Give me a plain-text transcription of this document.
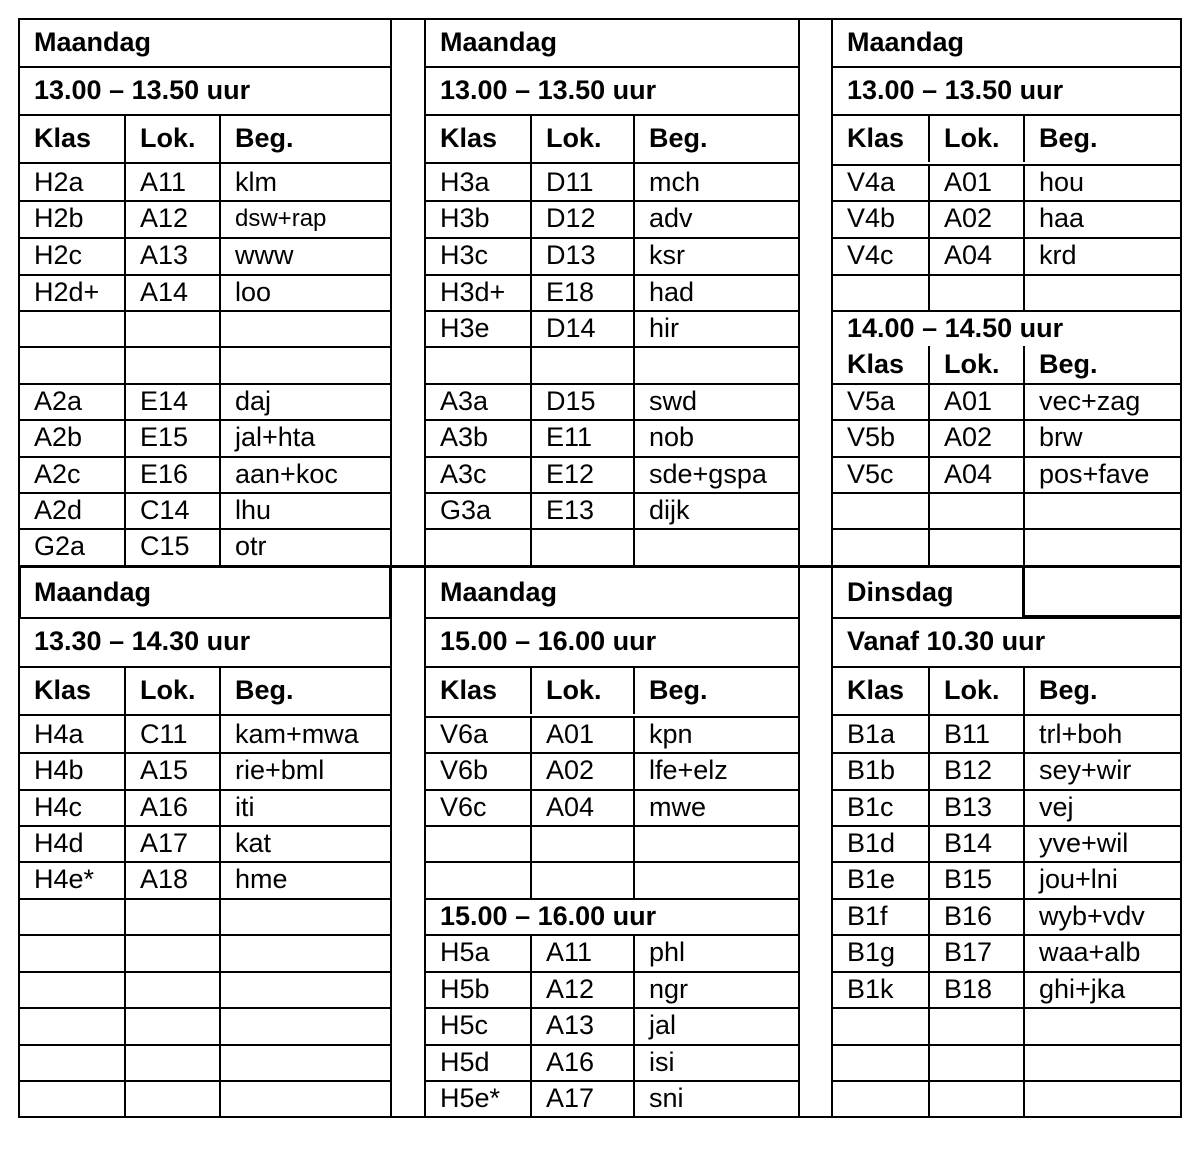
Maandag
13.00 – 13.50 uur
Klas	Lok.	Beg.
H2a	A11	klm
H2b	A12	dsw+rap
H2c	A13	www
H2d+	A14	loo
A2a	E14	daj
A2b	E15	jal+hta
A2c	E16	aan+koc
A2d	C14	lhu
G2a	C15	otr
Maandag
13.00 – 13.50 uur
Klas	Lok.	Beg.
H3a	D11	mch
H3b	D12	adv
H3c	D13	ksr
H3d+	E18	had
H3e	D14	hir
A3a	D15	swd
A3b	E11	nob
A3c	E12	sde+gspa
G3a	E13	dijk
Maandag
13.00 – 13.50 uur
Klas	Lok.	Beg.
V4a	A01	hou
V4b	A02	haa
V4c	A04	krd
14.00 – 14.50 uur
Klas	Lok.	Beg.
V5a	A01	vec+zag
V5b	A02	brw
V5c	A04	pos+fave
Maandag
13.30 – 14.30 uur
Klas	Lok.	Beg.
H4a	C11	kam+mwa
H4b	A15	rie+bml
H4c	A16	iti
H4d	A17	kat
H4e*	A18	hme
Maandag
15.00 – 16.00 uur
Klas	Lok.	Beg.
V6a	A01	kpn
V6b	A02	lfe+elz
V6c	A04	mwe
15.00 – 16.00 uur
H5a	A11	phl
H5b	A12	ngr
H5c	A13	jal
H5d	A16	isi
H5e*	A17	sni
Dinsdag
Vanaf 10.30 uur
Klas	Lok.	Beg.
B1a	B11	trl+boh
B1b	B12	sey+wir
B1c	B13	vej
B1d	B14	yve+wil
B1e	B15	jou+lni
B1f	B16	wyb+vdv
B1g	B17	waa+alb
B1k	B18	ghi+jka
